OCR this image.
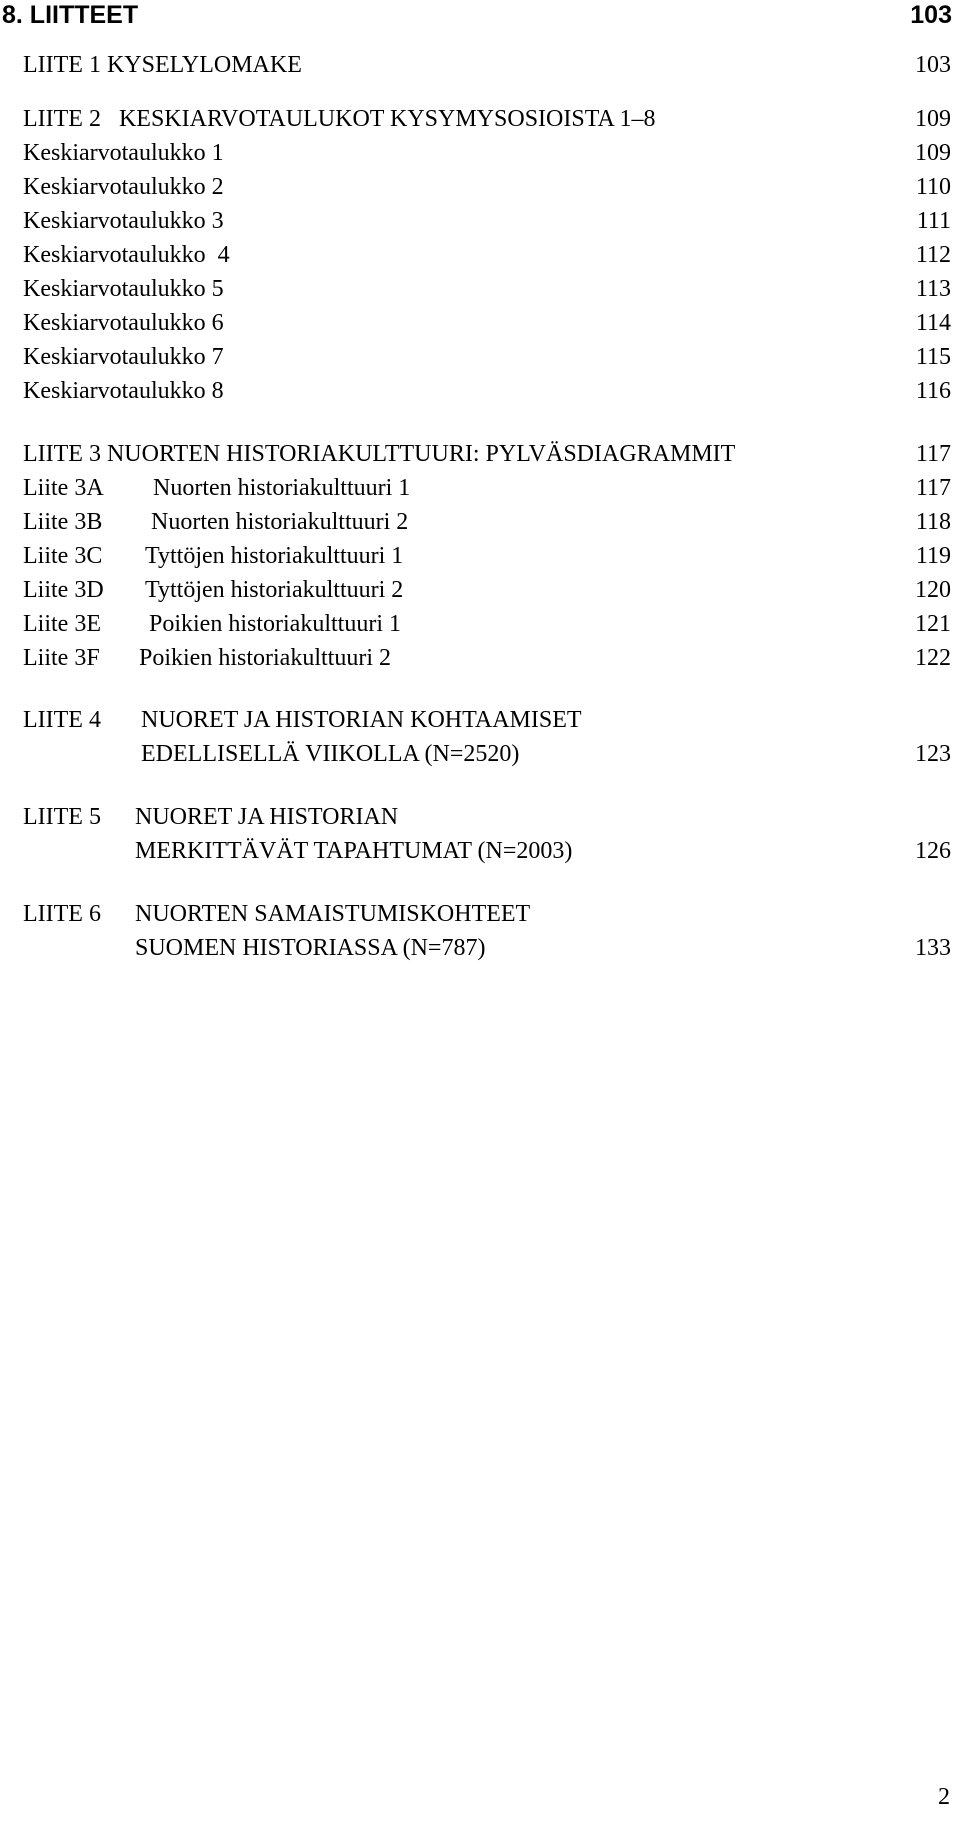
8. LIITTEET	103
LIITE 1 KYSELYLOMAKE	103
LIITE 2   KESKIARVOTAULUKOT KYSYMYSOSIOISTA 1–8	109
Keskiarvotaulukko 1	109
Keskiarvotaulukko 2	110
Keskiarvotaulukko 3	111
Keskiarvotaulukko  4	112
Keskiarvotaulukko 5	113
Keskiarvotaulukko 6	114
Keskiarvotaulukko 7	115
Keskiarvotaulukko 8	116
LIITE 3 NUORTEN HISTORIAKULTTUURI: PYLVÄSDIAGRAMMIT	117
Liite 3A Nuorten historiakulttuuri 1	117
Liite 3B Nuorten historiakulttuuri 2	118
Liite 3C Tyttöjen historiakulttuuri 1	119
Liite 3D Tyttöjen historiakulttuuri 2	120
Liite 3E Poikien historiakulttuuri 1	121
Liite 3F Poikien historiakulttuuri 2	122
LIITE 4 NUORET JA HISTORIAN KOHTAAMISET
EDELLISELLÄ VIIKOLLA (N=2520)	123
LIITE 5 NUORET JA HISTORIAN
MERKITTÄVÄT TAPAHTUMAT (N=2003)	126
LIITE 6 NUORTEN SAMAISTUMISKOHTEET
SUOMEN HISTORIASSA (N=787)	133
2
